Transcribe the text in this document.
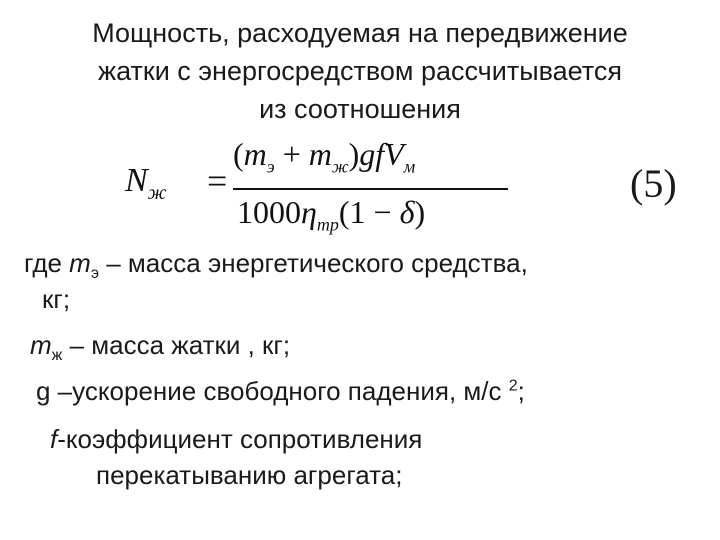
Мощность, расходуемая на передвижение
жатки с энергосредством рассчитывается
из соотношения
$N_ж$ =
$(m_э + m_ж)gfV_м$
$1000\eta_{тр}(1 - \delta)$
(5)
где $m_э$ – масса энергетического средства,
кг;
$m_ж$ – масса жатки , кг;
g –ускорение свободного падения, м/с $^2$;
f-коэффициент сопротивления
перекатыванию агрегата;
